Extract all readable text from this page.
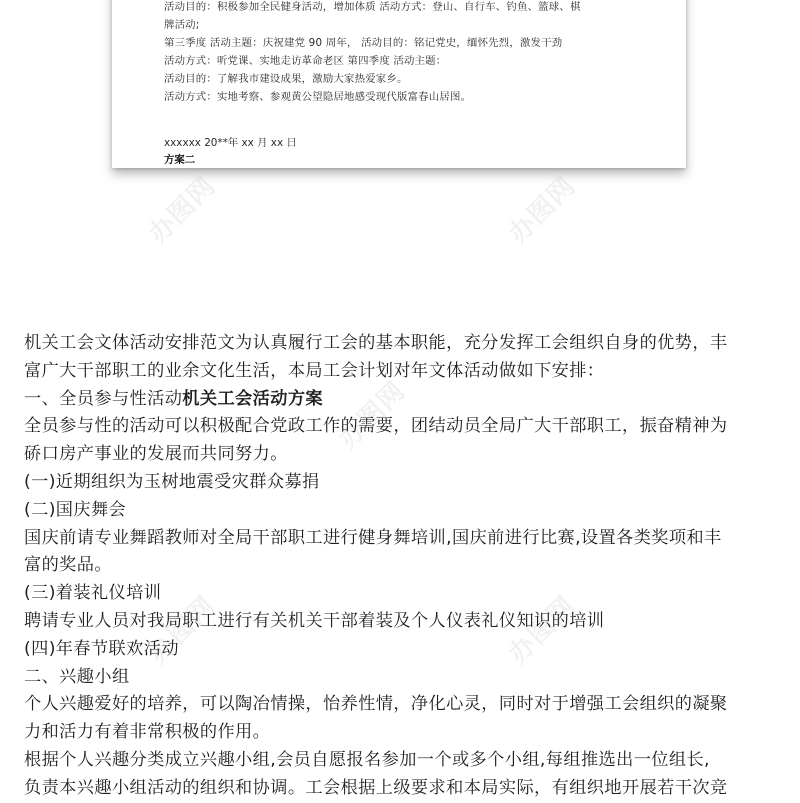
活动目的：积极参加全民健身活动，增加体质 活动方式：登山、自行车、钓鱼、篮球、棋
牌活动;
第三季度 活动主题：庆祝建党 90 周年， 活动目的：铭记党史，缅怀先烈，激发干劲
活动方式：听党课、实地走访革命老区 第四季度 活动主题：
活动目的：了解我市建设成果，激励大家热爱家乡。
活动方式：实地考察、参观黄公望隐居地感受现代版富春山居图。
xxxxxx 20**年 xx 月 xx 日
方案二
办图网	办图网
办图网
办图网	办图网
机关工会文体活动安排范文为认真履行工会的基本职能，充分发挥工会组织自身的优势，丰
富广大干部职工的业余文化生活，本局工会计划对年文体活动做如下安排：
一、全员参与性活动机关工会活动方案
全员参与性的活动可以积极配合党政工作的需要，团结动员全局广大干部职工，振奋精神为
硚口房产事业的发展而共同努力。
(一)近期组织为玉树地震受灾群众募捐
(二)国庆舞会
国庆前请专业舞蹈教师对全局干部职工进行健身舞培训,国庆前进行比赛,设置各类奖项和丰
富的奖品。
(三)着装礼仪培训
聘请专业人员对我局职工进行有关机关干部着装及个人仪表礼仪知识的培训
(四)年春节联欢活动
二、兴趣小组
个人兴趣爱好的培养，可以陶冶情操，怡养性情，净化心灵，同时对于增强工会组织的凝聚
力和活力有着非常积极的作用。
根据个人兴趣分类成立兴趣小组,会员自愿报名参加一个或多个小组,每组推选出一位组长,
负责本兴趣小组活动的组织和协调。工会根据上级要求和本局实际，有组织地开展若干次竞
